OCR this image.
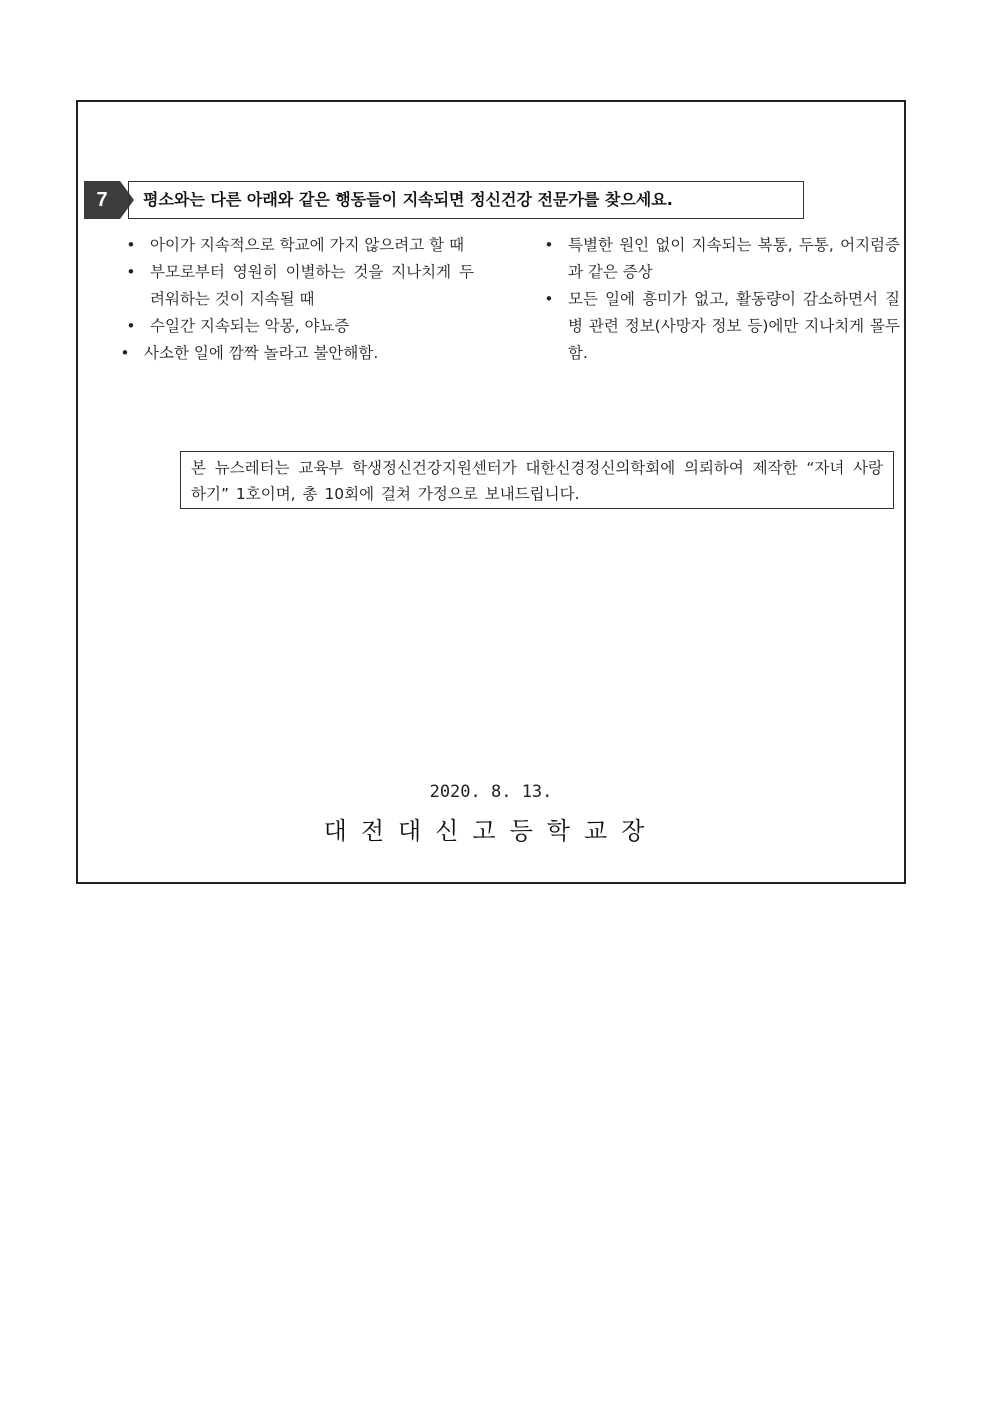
7	평소와는 다른 아래와 같은 행동들이 지속되면 정신건강 전문가를 찾으세요.
• 아이가 지속적으로 학교에 가지 않으려고 할 때
• 부모로부터 영원히 이별하는 것을 지나치게 두려워하는 것이 지속될 때
• 수일간 지속되는 악몽, 야뇨증
• 사소한 일에 깜짝 놀라고 불안해함.
• 특별한 원인 없이 지속되는 복통, 두통, 어지럼증과 같은 증상
• 모든 일에 흥미가 없고, 활동량이 감소하면서 질병 관련 정보(사망자 정보 등)에만 지나치게 몰두함.
본 뉴스레터는 교육부 학생정신건강지원센터가 대한신경정신의학회에 의뢰하여 제작한 “자녀 사랑하기” 1호이며, 총 10회에 걸쳐 가정으로 보내드립니다.
2020. 8. 13.
대전대신고등학교장
